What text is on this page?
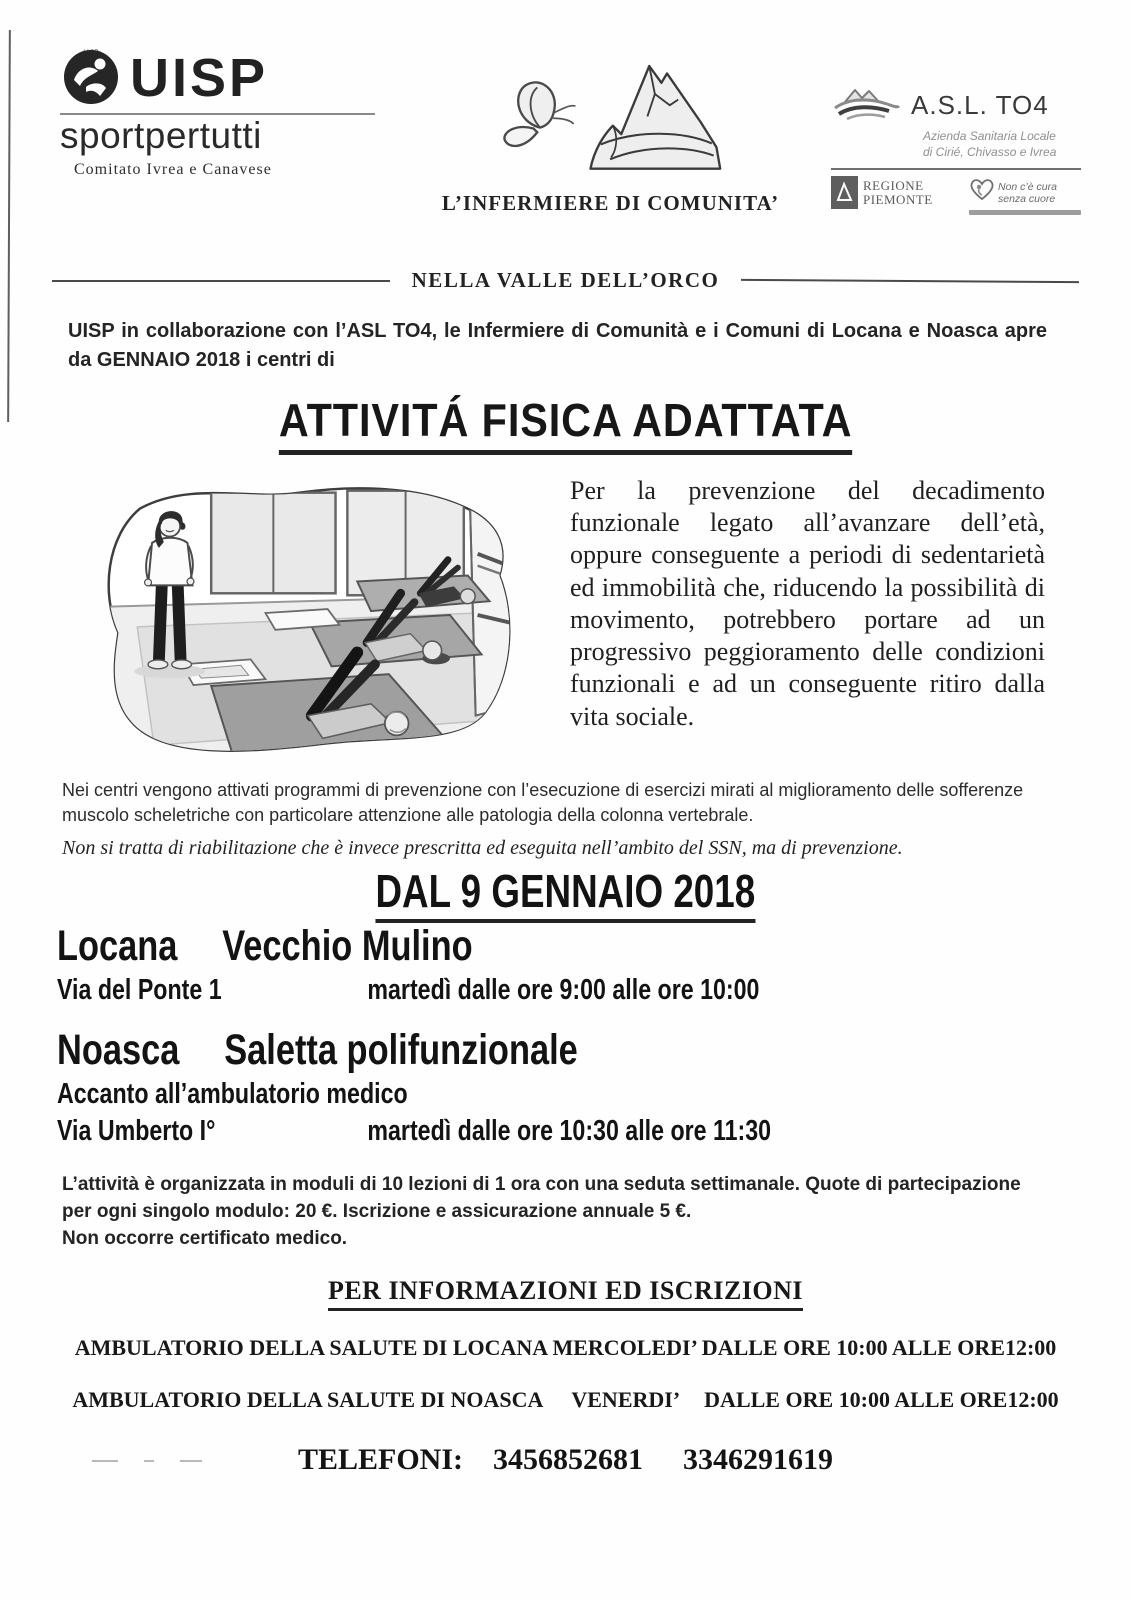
UISP UISP
sportpertutti
Comitato Ivrea e Canavese
L’INFERMIERE DI COMUNITA’
A.S.L. TO4
Azienda Sanitaria Locale
di Cirié, Chivasso e Ivrea
REGIONE
PIEMONTE
Non c’è cura
senza cuore
NELLA VALLE DELL’ORCO
UISP in collaborazione con l’ASL TO4, le Infermiere di Comunità e i Comuni di Locana e Noasca apre da GENNAIO 2018 i centri di
ATTIVITÁ FISICA ADATTATA
Per la prevenzione del decadimento funzionale legato all’avanzare dell’età, oppure conseguente a periodi di sedentarietà ed immobilità che, riducendo la possibilità di movimento, potrebbero portare ad un progressivo peggioramento delle condizioni funzionali e ad un conseguente ritiro dalla vita sociale.
Nei centri vengono attivati programmi di prevenzione con l’esecuzione di esercizi mirati al miglioramento delle sofferenze muscolo scheletriche con particolare attenzione alle patologia della colonna vertebrale.
Non si tratta di riabilitazione che è invece prescritta ed eseguita nell’ambito del SSN, ma di prevenzione.
DAL 9 GENNAIO 2018
Locana Vecchio Mulino
Via del Ponte 1	martedì dalle ore 9:00 alle ore 10:00
Noasca Saletta polifunzionale
Accanto all’ambulatorio medico
Via Umberto I°	martedì dalle ore 10:30 alle ore 11:30

L’attività è organizzata in moduli di 10 lezioni di 1 ora con una seduta settimanale. Quote di partecipazione per ogni singolo modulo: 20 €. Iscrizione e assicurazione annuale 5 €.

Non occorre certificato medico.

PER INFORMAZIONI ED ISCRIZIONI
AMBULATORIO DELLA SALUTE DI LOCANA MERCOLEDI’ DALLE ORE 10:00 ALLE ORE12:00
AMBULATORIO DELLA SALUTE DI NOASCA VENERDI’ DALLE ORE 10:00 ALLE ORE12:00
TELEFONI: 3456852681 3346291619
